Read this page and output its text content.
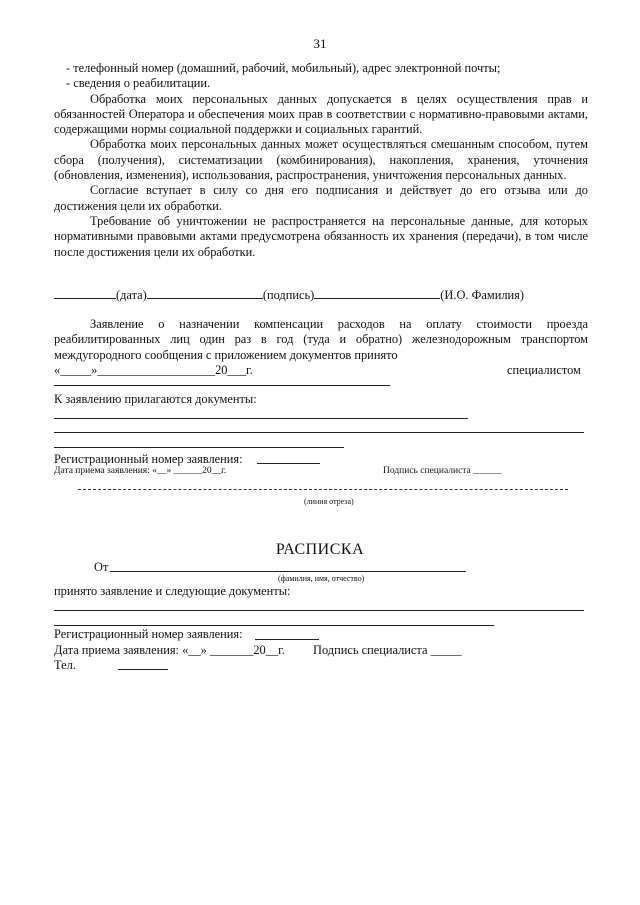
31

- телефонный номер (домашний, рабочий, мобильный), адрес электронной почты;

- сведения о реабилитации.

Обработка моих персональных данных допускается в целях осуществления прав и обязанностей Оператора и обеспечения моих прав в соответствии с нормативно-правовыми актами, содержащими нормы социальной поддержки и социальных гарантий.

Обработка моих персональных данных может осуществляться смешанным способом, путем сбора (получения), систематизации (комбинирования), накопления, хранения, уточнения (обновления, изменения), использования, распространения, уничтожения персональных данных.

Согласие вступает в силу со дня его подписания и действует до его отзыва или до достижения цели их обработки.

Требование об уничтожении не распространяется на персональные данные, для которых нормативными правовыми актами предусмотрена обязанность их хранения (передачи), в том числе после достижения цели их обработки.

(дата)	(подпись)	(И.О. Фамилия)

Заявление о назначении компенсации расходов на оплату стоимости проезда реабилитированных лиц один раз в год (туда и обратно) железнодорожным транспортом междугородного сообщения с приложением документов принято

«_____»___________________20___г.	специалистом
К заявлению прилагаются документы:
Регистрационный номер заявления:
Дата приема заявления: «__» ______20__г.	Подпись специалиста ______
(линия отреза)
РАСПИСКА
От
(фамилия, имя, отчество)
принято заявление и следующие документы:
Регистрационный номер заявления:
Дата приема заявления: «__» _______20__г. Подпись специалиста _____
Тел.
